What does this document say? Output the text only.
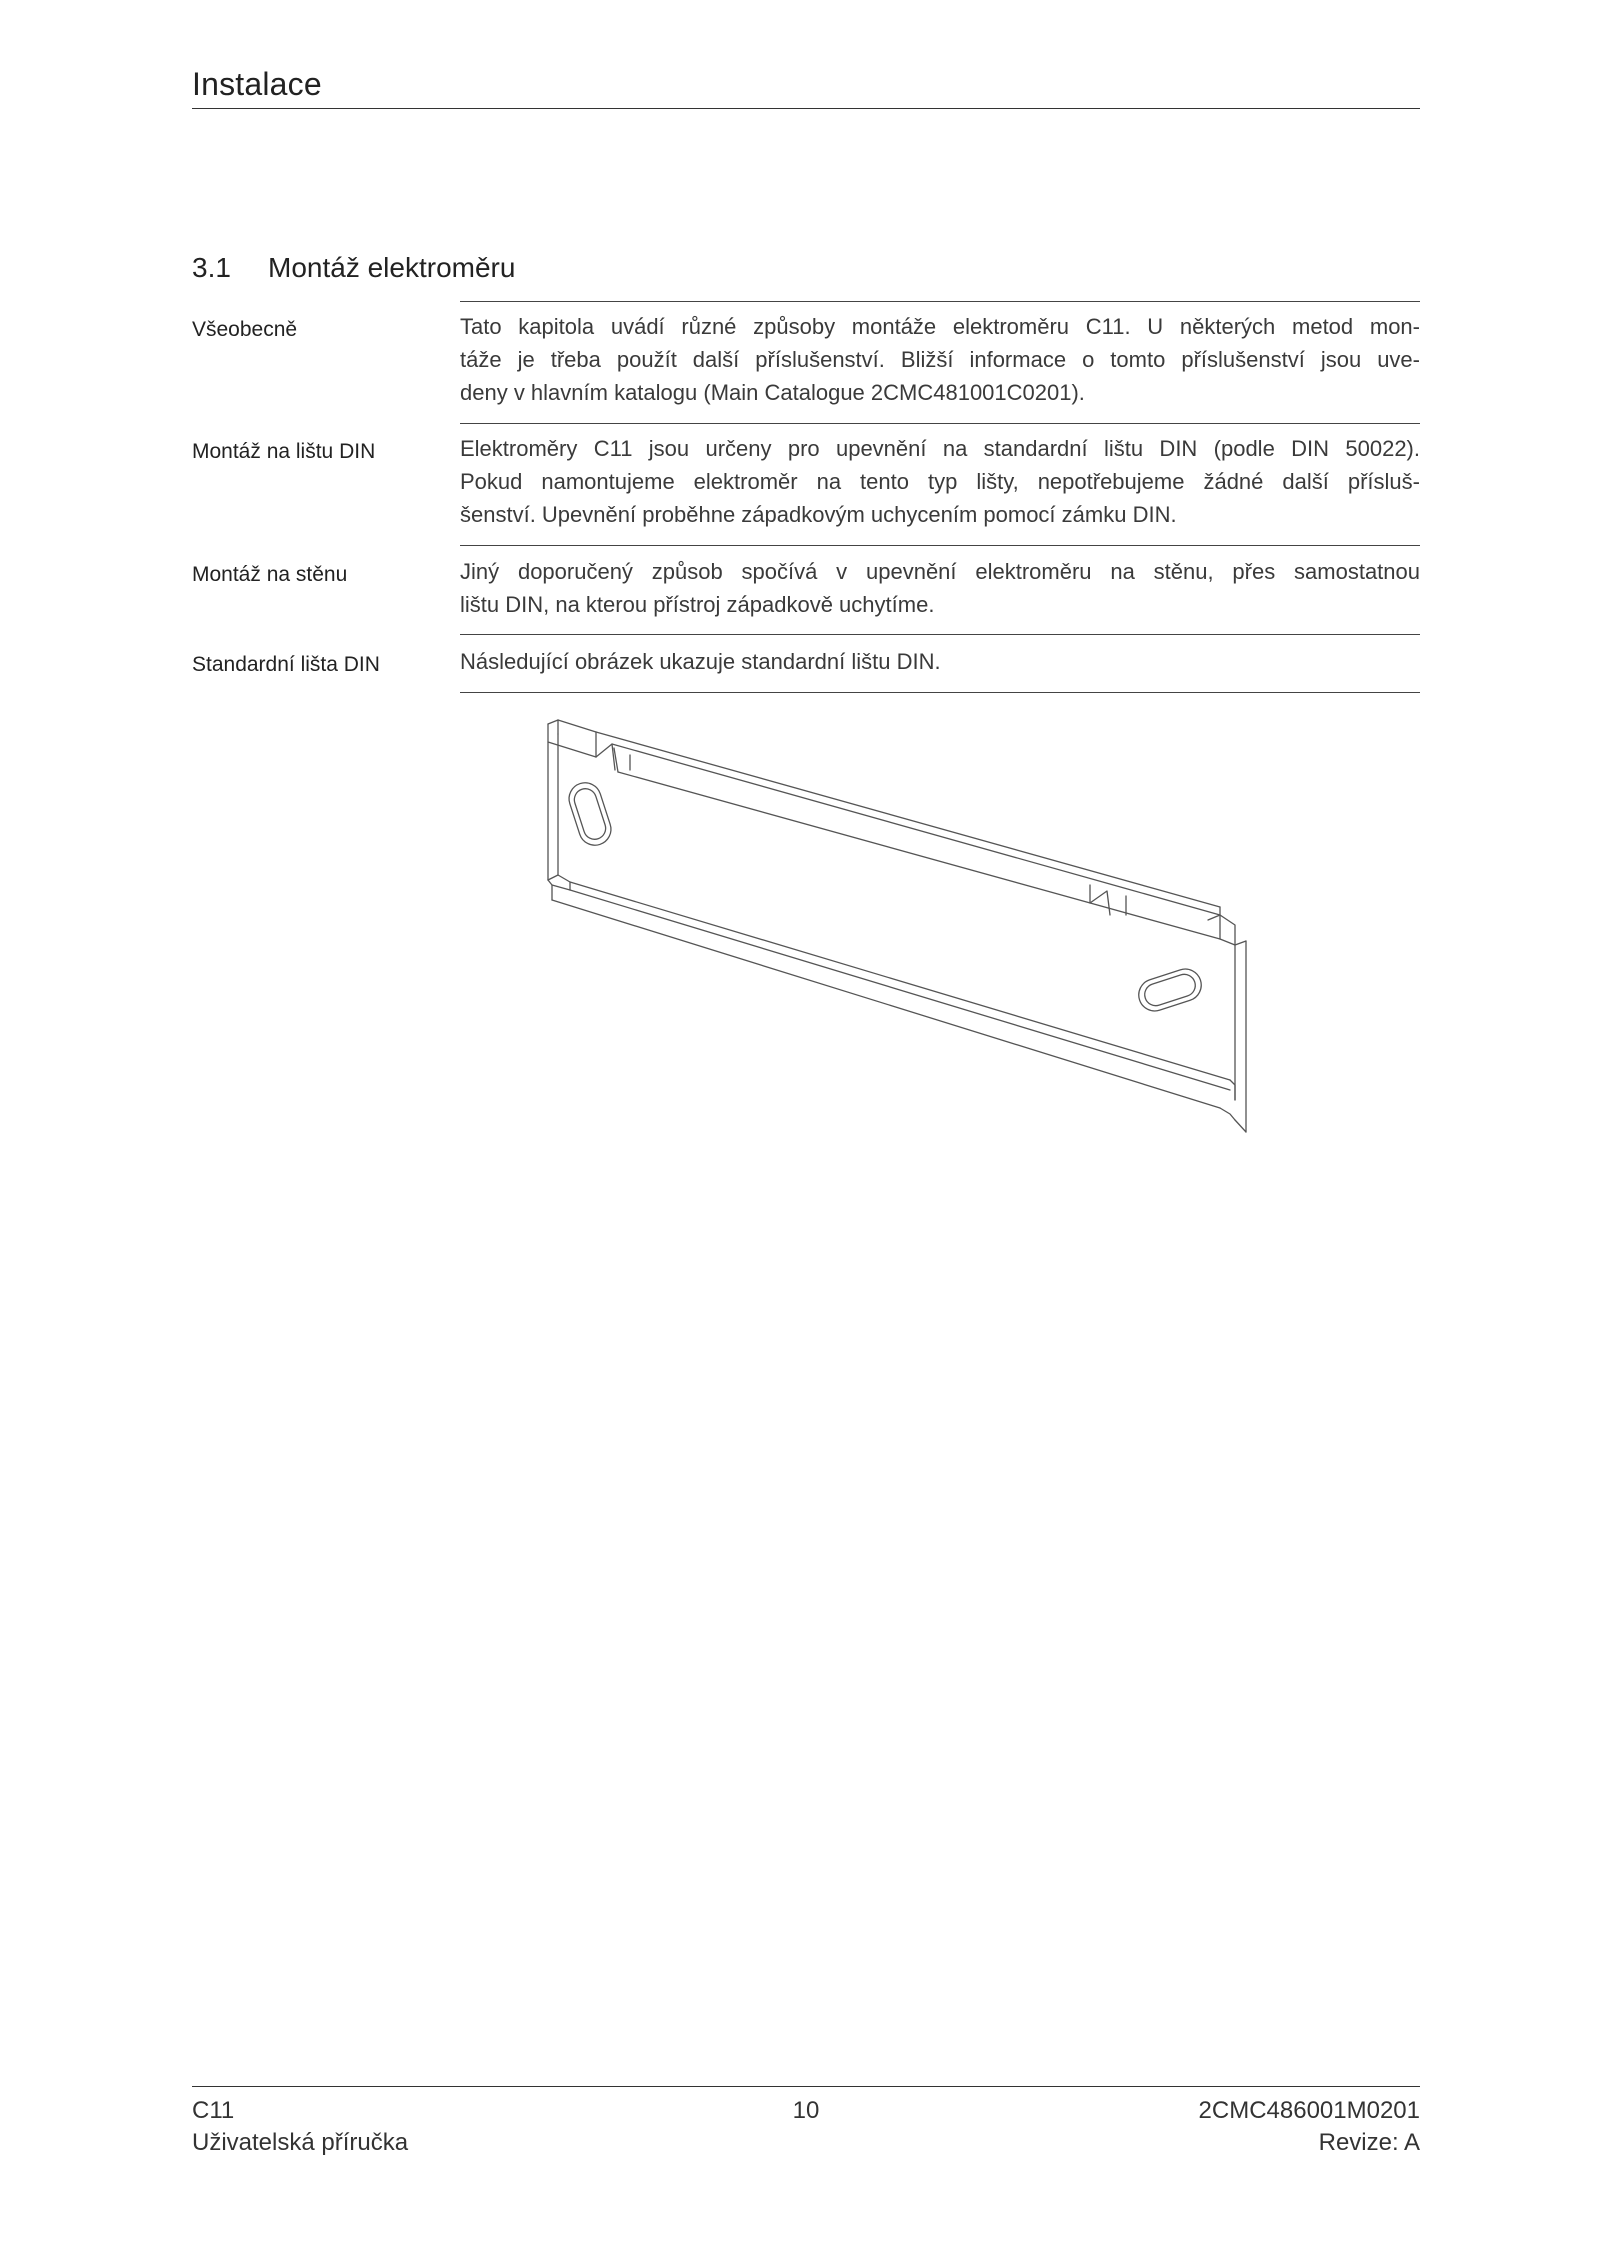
Instalace
3.1 Montáž elektroměru
Všeobecně	Tato kapitola uvádí různé způsoby montáže elektroměru C11. U některých metod mon-
táže je třeba použít další příslušenství. Bližší informace o tomto příslušenství jsou uve-
deny v hlavním katalogu (Main Catalogue 2CMC481001C0201).
Montáž na lištu DIN	Elektroměry C11 jsou určeny pro upevnění na standardní lištu DIN (podle DIN 50022).
Pokud namontujeme elektroměr na tento typ lišty, nepotřebujeme žádné další přísluš-
šenství. Upevnění proběhne západkovým uchycením pomocí zámku DIN.
Montáž na stěnu	Jiný doporučený způsob spočívá v upevnění elektroměru na stěnu, přes samostatnou
lištu DIN, na kterou přístroj západkově uchytíme.
Standardní lišta DIN	Následující obrázek ukazuje standardní lištu DIN.
C11
Uživatelská příručka
10	2CMC486001M0201
Revize: A
